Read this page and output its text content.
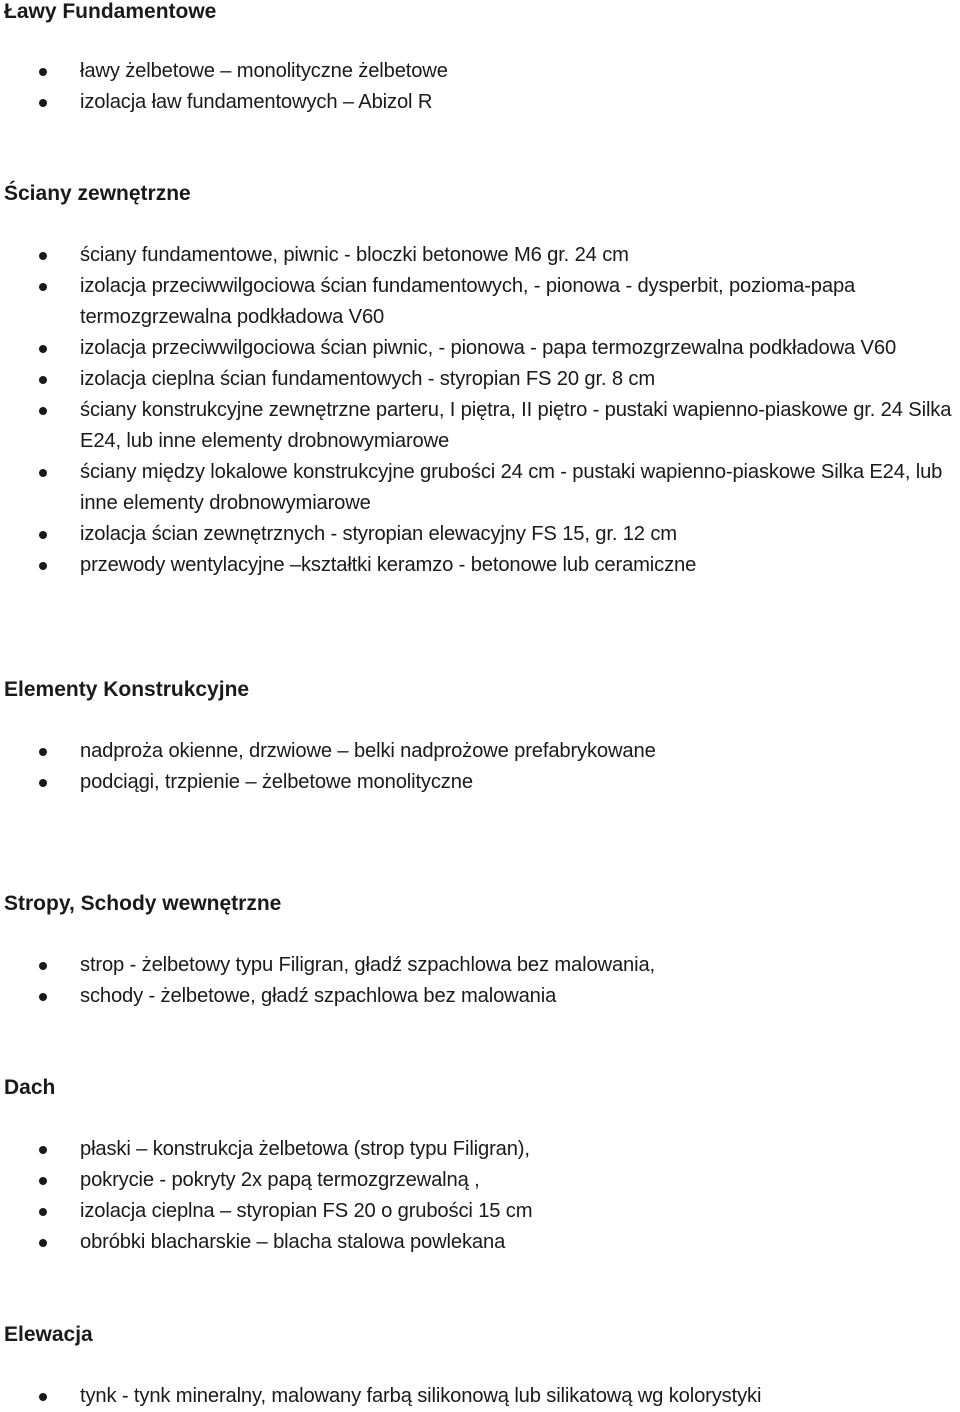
Ławy Fundamentowe
ławy żelbetowe – monolityczne żelbetowe
izolacja ław fundamentowych – Abizol R
Ściany zewnętrzne
ściany fundamentowe, piwnic - bloczki betonowe M6 gr. 24 cm
izolacja przeciwwilgociowa ścian fundamentowych, - pionowa - dysperbit, pozioma-papa termozgrzewalna podkładowa V60
izolacja przeciwwilgociowa ścian piwnic, - pionowa - papa termozgrzewalna podkładowa V60
izolacja cieplna ścian fundamentowych - styropian FS 20 gr. 8 cm
ściany konstrukcyjne zewnętrzne parteru, I piętra, II piętro - pustaki wapienno-piaskowe gr. 24 Silka E24, lub inne elementy drobnowymiarowe
ściany między lokalowe konstrukcyjne grubości 24 cm - pustaki wapienno-piaskowe Silka E24, lub inne elementy drobnowymiarowe
izolacja ścian zewnętrznych - styropian elewacyjny FS 15, gr. 12 cm
przewody wentylacyjne –kształtki keramzo - betonowe lub ceramiczne
Elementy Konstrukcyjne
nadproża okienne, drzwiowe – belki nadprożowe prefabrykowane
podciągi, trzpienie – żelbetowe monolityczne
Stropy, Schody wewnętrzne
strop - żelbetowy typu Filigran, gładź szpachlowa bez malowania,
schody - żelbetowe, gładź szpachlowa bez malowania
Dach
płaski – konstrukcja żelbetowa (strop typu Filigran),
pokrycie - pokryty 2x papą termozgrzewalną ,
izolacja cieplna – styropian FS 20 o grubości 15 cm
obróbki blacharskie – blacha stalowa powlekana
Elewacja
tynk - tynk mineralny, malowany farbą silikonową lub silikatową wg kolorystyki
